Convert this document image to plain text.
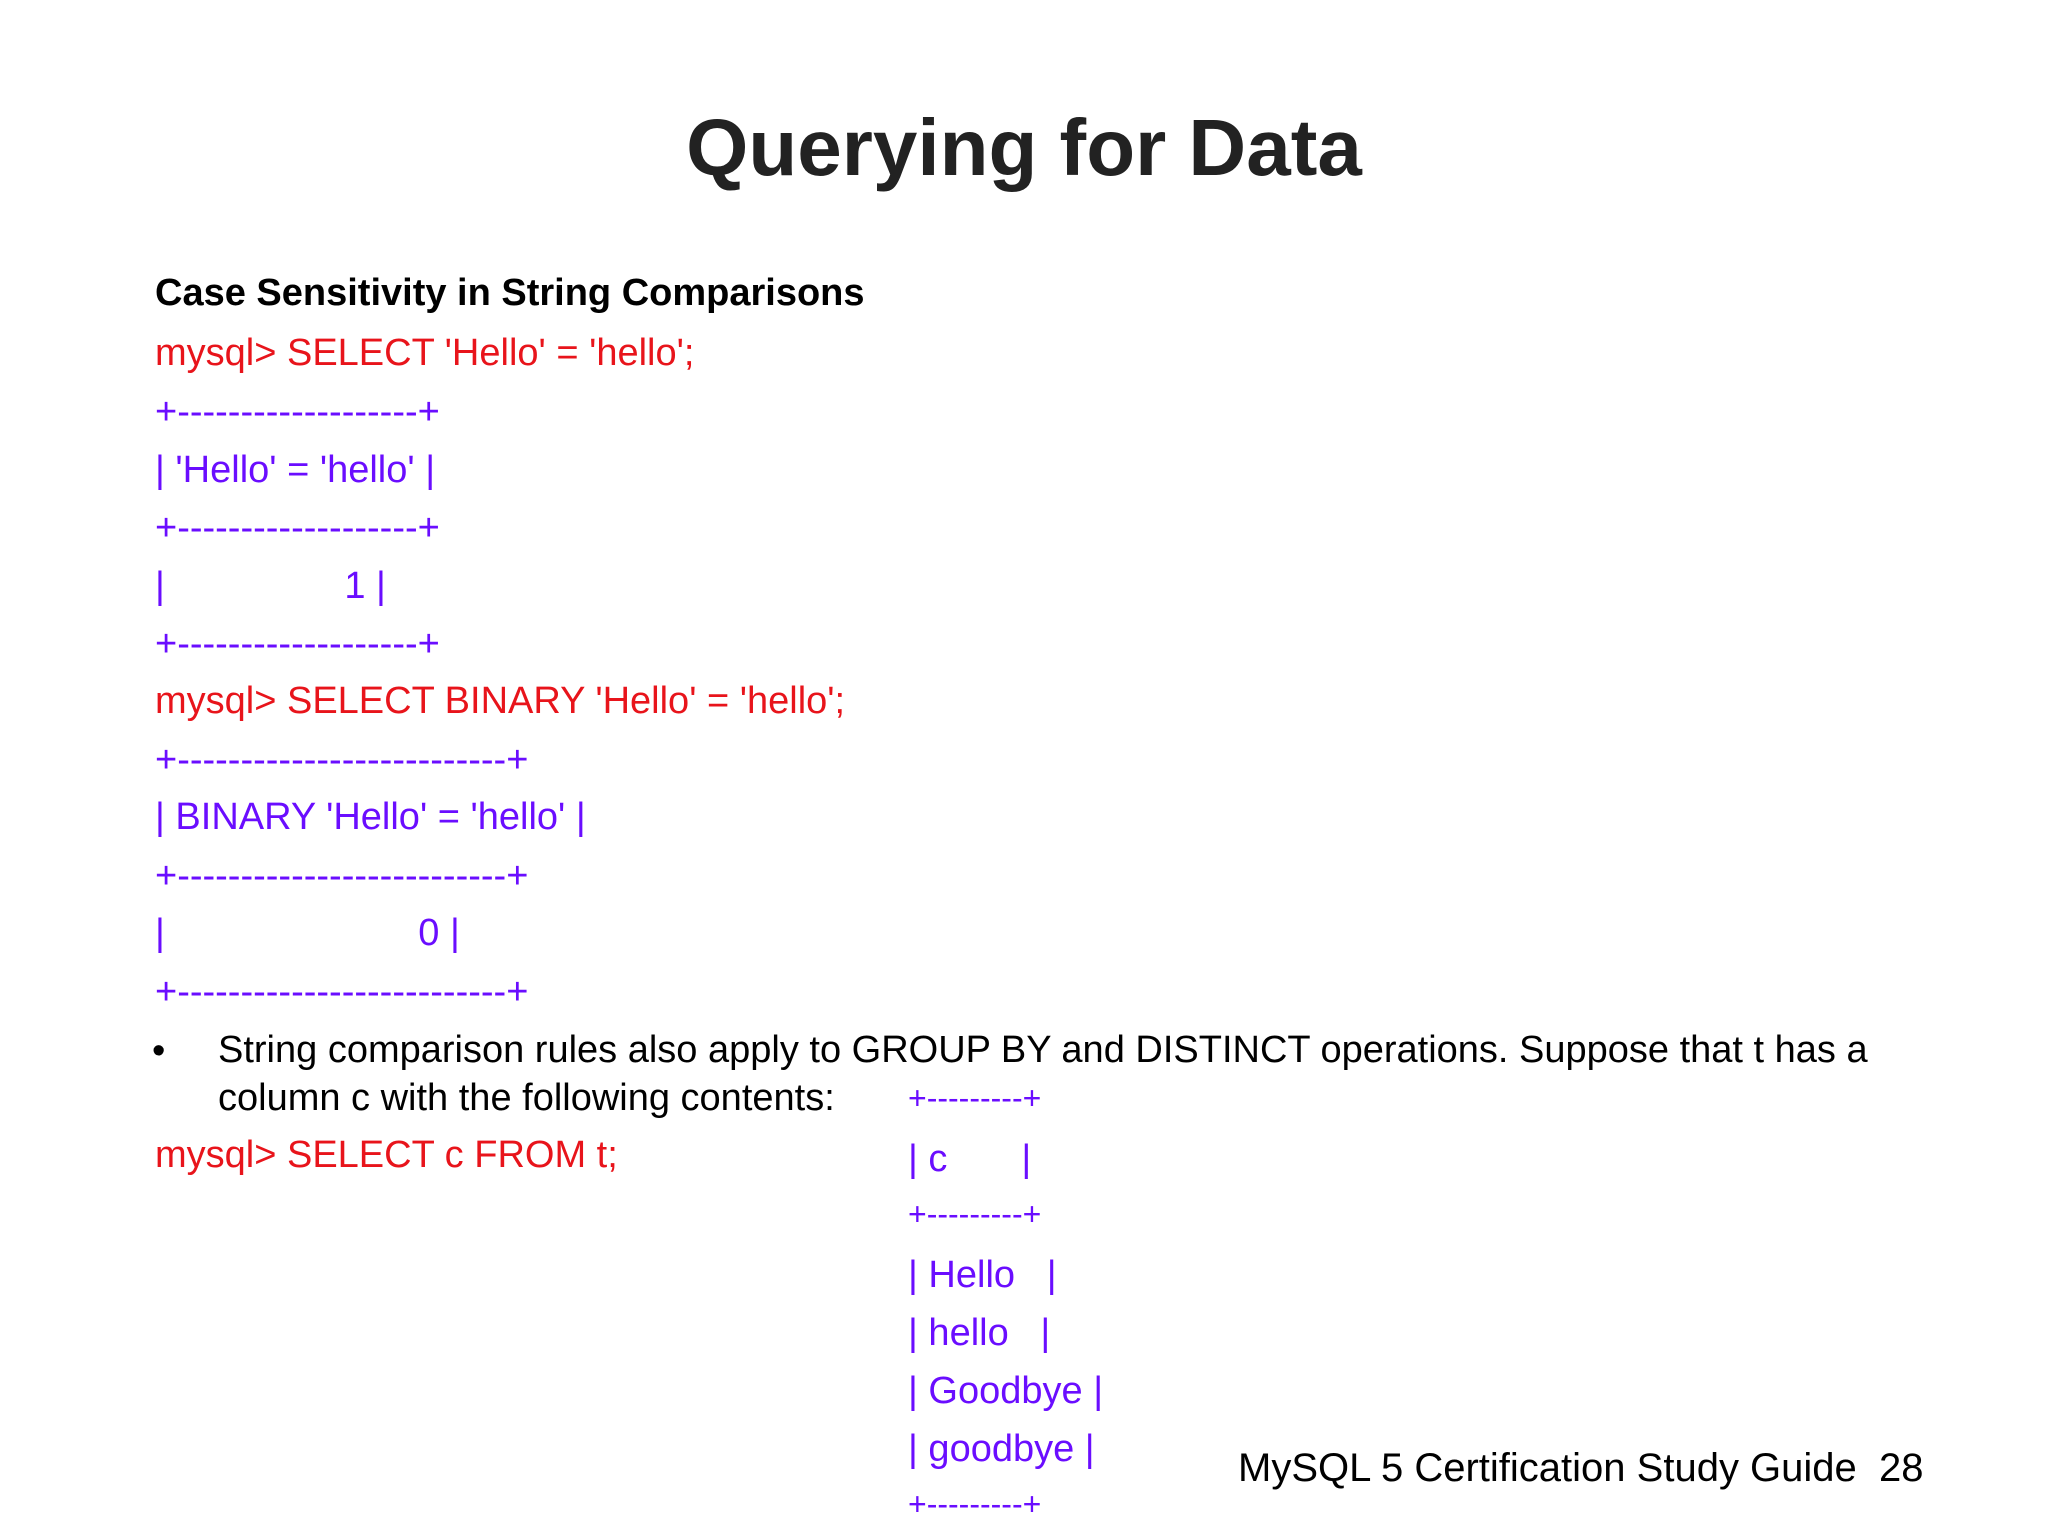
Querying for Data
Case Sensitivity in String Comparisons
mysql> SELECT 'Hello' = 'hello';
+-------------------+
| 'Hello' = 'hello' |
+-------------------+
|                 1 |
+-------------------+
mysql> SELECT BINARY 'Hello' = 'hello';
+--------------------------+
| BINARY 'Hello' = 'hello' |
+--------------------------+
|                        0 |
+--------------------------+
• String comparison rules also apply to GROUP BY and DISTINCT operations. Suppose that t has a
column c with the following contents:
mysql> SELECT c FROM t;
+---------+
| c       |
+---------+
| Hello   |
| hello   |
| Goodbye |
| goodbye |
+---------+
MySQL 5 Certification Study Guide 28
